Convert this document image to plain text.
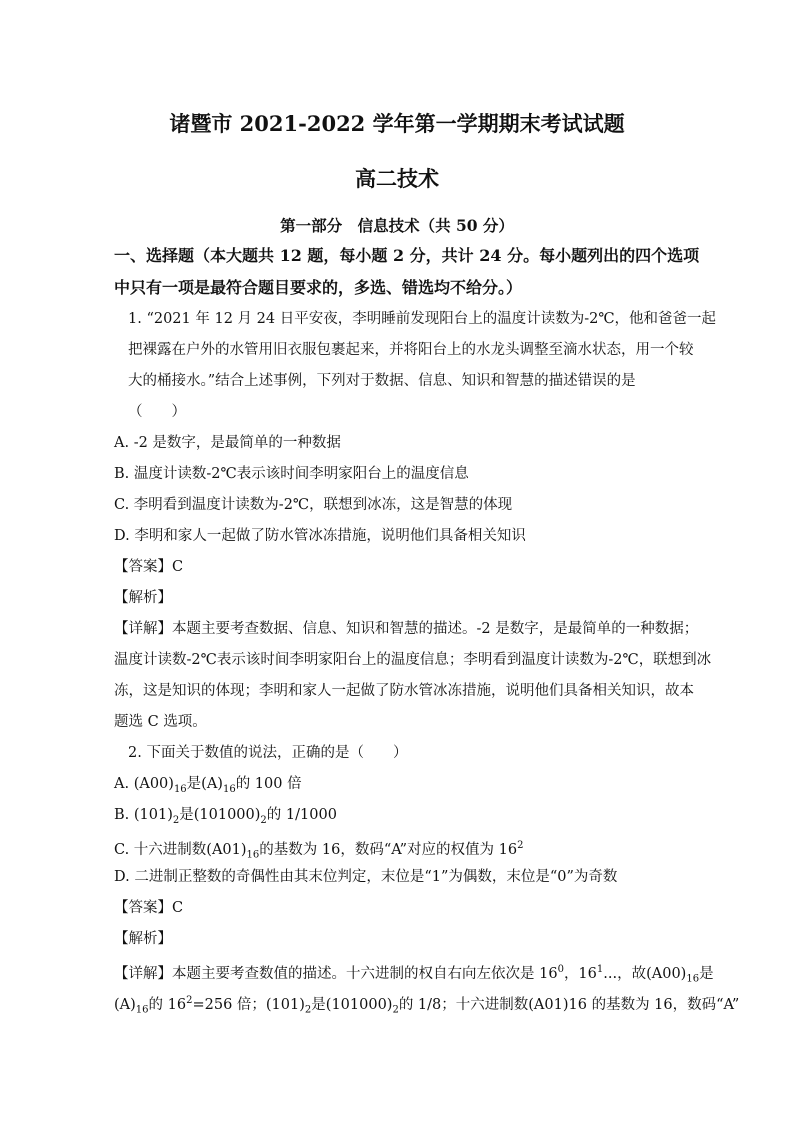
诸暨市 2021-2022 学年第一学期期末考试试题
高二技术
第一部分　信息技术（共 50 分）
一、选择题（本大题共 12 题，每小题 2 分，共计 24 分。每小题列出的四个选项
中只有一项是最符合题目要求的，多选、错选均不给分。）
1. “2021 年 12 月 24 日平安夜，李明睡前发现阳台上的温度计读数为-2℃，他和爸爸一起
把裸露在户外的水管用旧衣服包裹起来，并将阳台上的水龙头调整至滴水状态，用一个较
大的桶接水。”结合上述事例，下列对于数据、信息、知识和智慧的描述错误的是
（　　）
A. -2 是数字，是最简单的一种数据
B. 温度计读数-2℃表示该时间李明家阳台上的温度信息
C. 李明看到温度计读数为-2℃，联想到冰冻，这是智慧的体现
D. 李明和家人一起做了防水管冰冻措施，说明他们具备相关知识
【答案】C
【解析】
【详解】本题主要考查数据、信息、知识和智慧的描述。-2 是数字，是最简单的一种数据；
温度计读数-2℃表示该时间李明家阳台上的温度信息；李明看到温度计读数为-2℃，联想到冰
冻，这是知识的体现；李明和家人一起做了防水管冰冻措施，说明他们具备相关知识，故本
题选 C 选项。
2. 下面关于数值的说法，正确的是（　　）
A. $(A00)_{16}$是$(A)_{16}$的 100 倍
B. $(101)_2$是$(101000)_2$的 1/1000
C. 十六进制数$(A01)_{16}$的基数为 16，数码“A”对应的权值为 $16^2$
D. 二进制正整数的奇偶性由其末位判定，末位是“1”为偶数，末位是“0”为奇数
【答案】C
【解析】
【详解】本题主要考查数值的描述。十六进制的权自右向左依次是 $16^0$，$16^1$...，故$(A00)_{16}$是
$(A)_{16}$的 $16^2=256$ 倍；$(101)_2$是$(101000)_2$的 1/8；十六进制数(A01)16 的基数为 16，数码“A”
